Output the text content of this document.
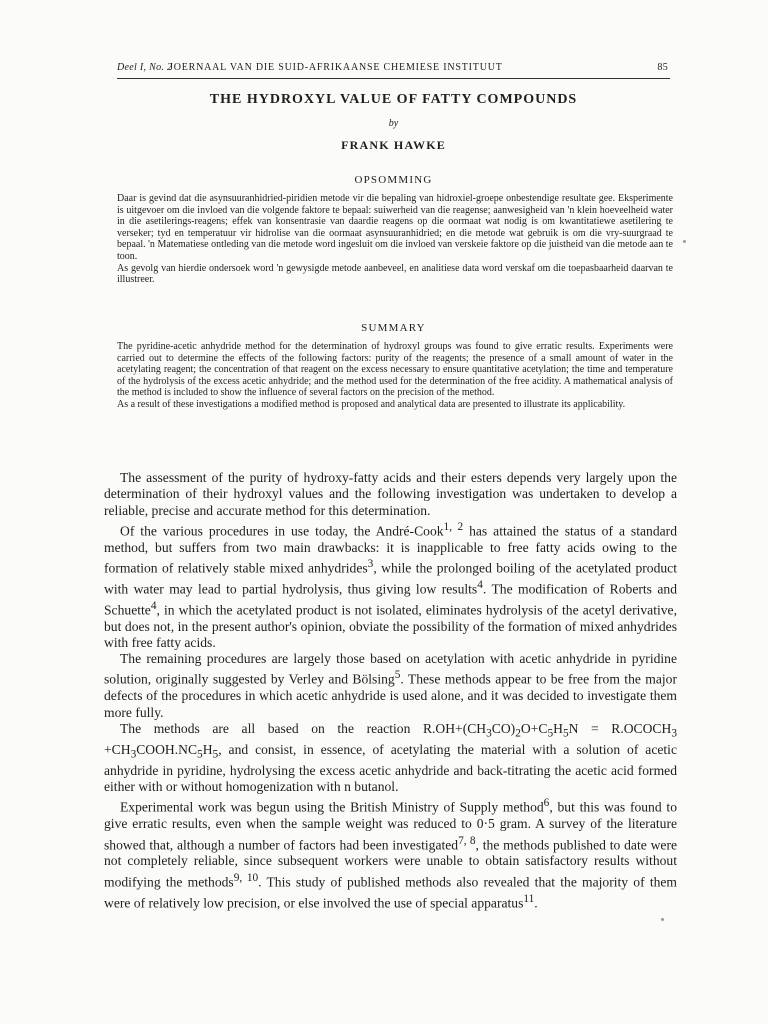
Deel I, No. 2
JOERNAAL VAN DIE SUID-AFRIKAANSE CHEMIESE INSTITUUT	85
THE HYDROXYL VALUE OF FATTY COMPOUNDS
by
FRANK HAWKE
OPSOMMING

Daar is gevind dat die asynsuuranhidried-piridien metode vir die bepaling van hidroxiel-groepe onbestendige resultate gee. Eksperimente is uitgevoer om die invloed van die volgende faktore te bepaal: suiwerheid van die reagense; aanwesigheid van 'n klein hoeveelheid water in die asetilerings-reagens; effek van konsentrasie van daardie reagens op die oormaat wat nodig is om kwantitatiewe asetilering te verseker; tyd en temperatuur vir hidrolise van die oormaat asynsuuranhidried; en die metode wat gebruik is om die vry-suurgraad te bepaal. 'n Matematiese ontleding van die metode word ingesluit om die invloed van verskeie faktore op die juistheid van die metode aan te toon.

As gevolg van hierdie ondersoek word 'n gewysigde metode aanbeveel, en analitiese data word verskaf om die toepasbaarheid daarvan te illustreer.

SUMMARY

The pyridine-acetic anhydride method for the determination of hydroxyl groups was found to give erratic results. Experiments were carried out to determine the effects of the following factors: purity of the reagents; the presence of a small amount of water in the acetylating reagent; the concentration of that reagent on the excess necessary to ensure quantitative acetylation; the time and temperature of the hydrolysis of the excess acetic anhydride; and the method used for the determination of the free acidity. A mathematical analysis of the method is included to show the influence of several factors on the precision of the method.

As a result of these investigations a modified method is proposed and analytical data are presented to illustrate its applicability.

The assessment of the purity of hydroxy-fatty acids and their esters depends very largely upon the determination of their hydroxyl values and the following investigation was undertaken to develop a reliable, precise and accurate method for this determination.

Of the various procedures in use today, the André-Cook$^{1, 2}$ has attained the status of a standard method, but suffers from two main drawbacks: it is inapplicable to free fatty acids owing to the formation of relatively stable mixed anhydrides$^3$, while the prolonged boiling of the acetylated product with water may lead to partial hydrolysis, thus giving low results$^4$. The modification of Roberts and Schuette$^4$, in which the acetylated product is not isolated, eliminates hydrolysis of the acetyl derivative, but does not, in the present author's opinion, obviate the possibility of the formation of mixed anhydrides with free fatty acids.

The remaining procedures are largely those based on acetylation with acetic anhydride in pyridine solution, originally suggested by Verley and Bölsing$^5$. These methods appear to be free from the major defects of the procedures in which acetic anhydride is used alone, and it was decided to investigate them more fully.

The methods are all based on the reaction $R.OH+(CH_3CO)_2O+C_5H_5N$ = $R.OCOCH_3$ $+CH_3COOH.NC_5H_5$, and consist, in essence, of acetylating the material with a solution of acetic anhydride in pyridine, hydrolysing the excess acetic anhydride and back-titrating the acetic acid formed either with or without homogenization with n butanol.

Experimental work was begun using the British Ministry of Supply method$^6$, but this was found to give erratic results, even when the sample weight was reduced to 0·5 gram. A survey of the literature showed that, although a number of factors had been investigated$^{7, 8}$, the methods published to date were not completely reliable, since subsequent workers were unable to obtain satisfactory results without modifying the methods$^{9, 10}$. This study of published methods also revealed that the majority of them were of relatively low precision, or else involved the use of special apparatus$^{11}$.
